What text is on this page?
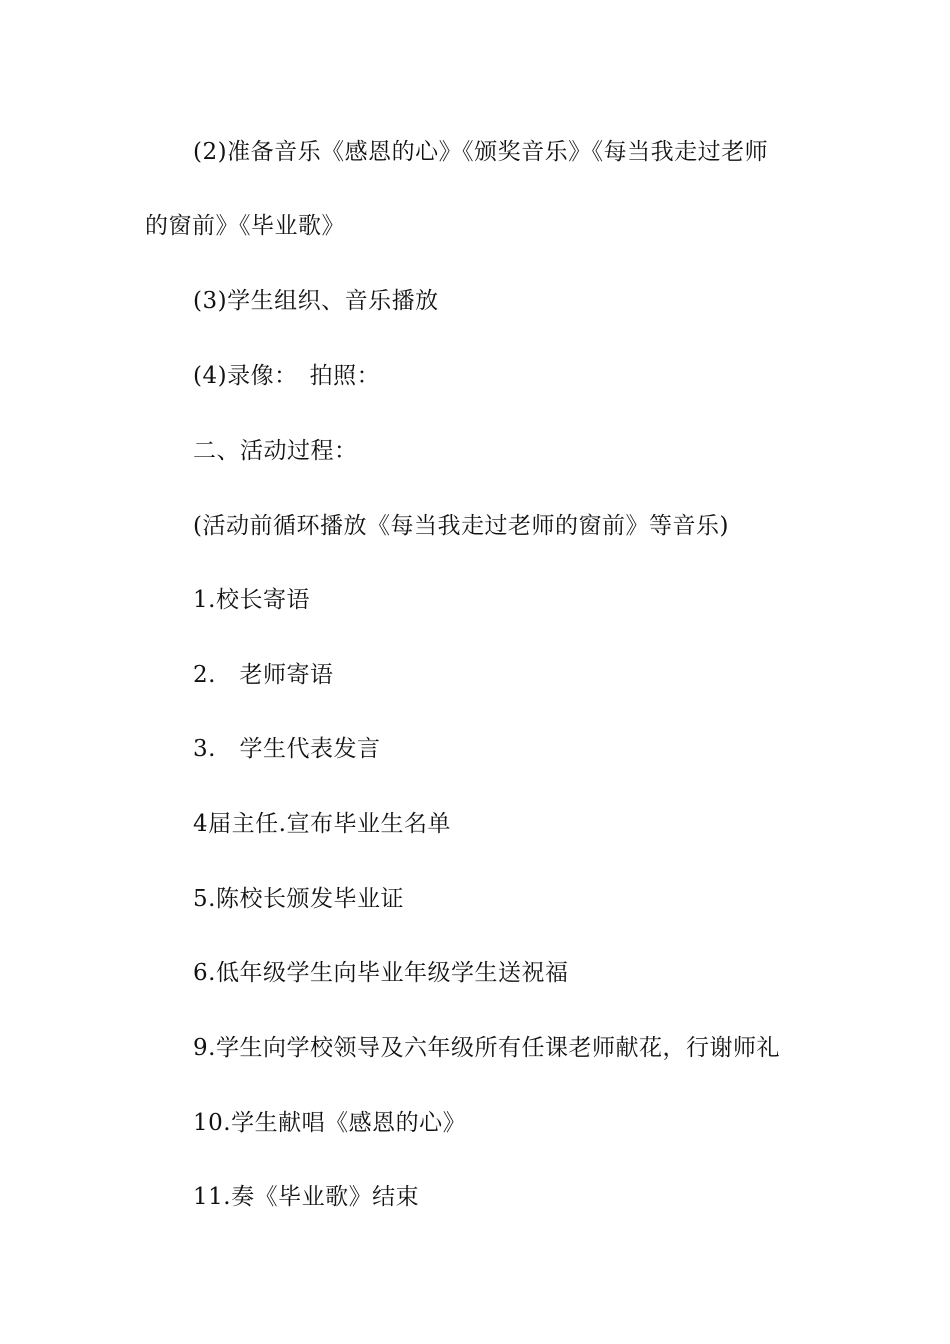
(2)准备音乐《感恩的心》《颁奖音乐》《每当我走过老师
的窗前》《毕业歌》
(3)学生组织、音乐播放
(4)录像：　拍照：
二、活动过程：
(活动前循环播放《每当我走过老师的窗前》等音乐)
1.校长寄语
2.　老师寄语
3.　学生代表发言
4届主任.宣布毕业生名单
5.陈校长颁发毕业证
6.低年级学生向毕业年级学生送祝福
9.学生向学校领导及六年级所有任课老师献花，行谢师礼
10.学生献唱《感恩的心》
11.奏《毕业歌》结束
